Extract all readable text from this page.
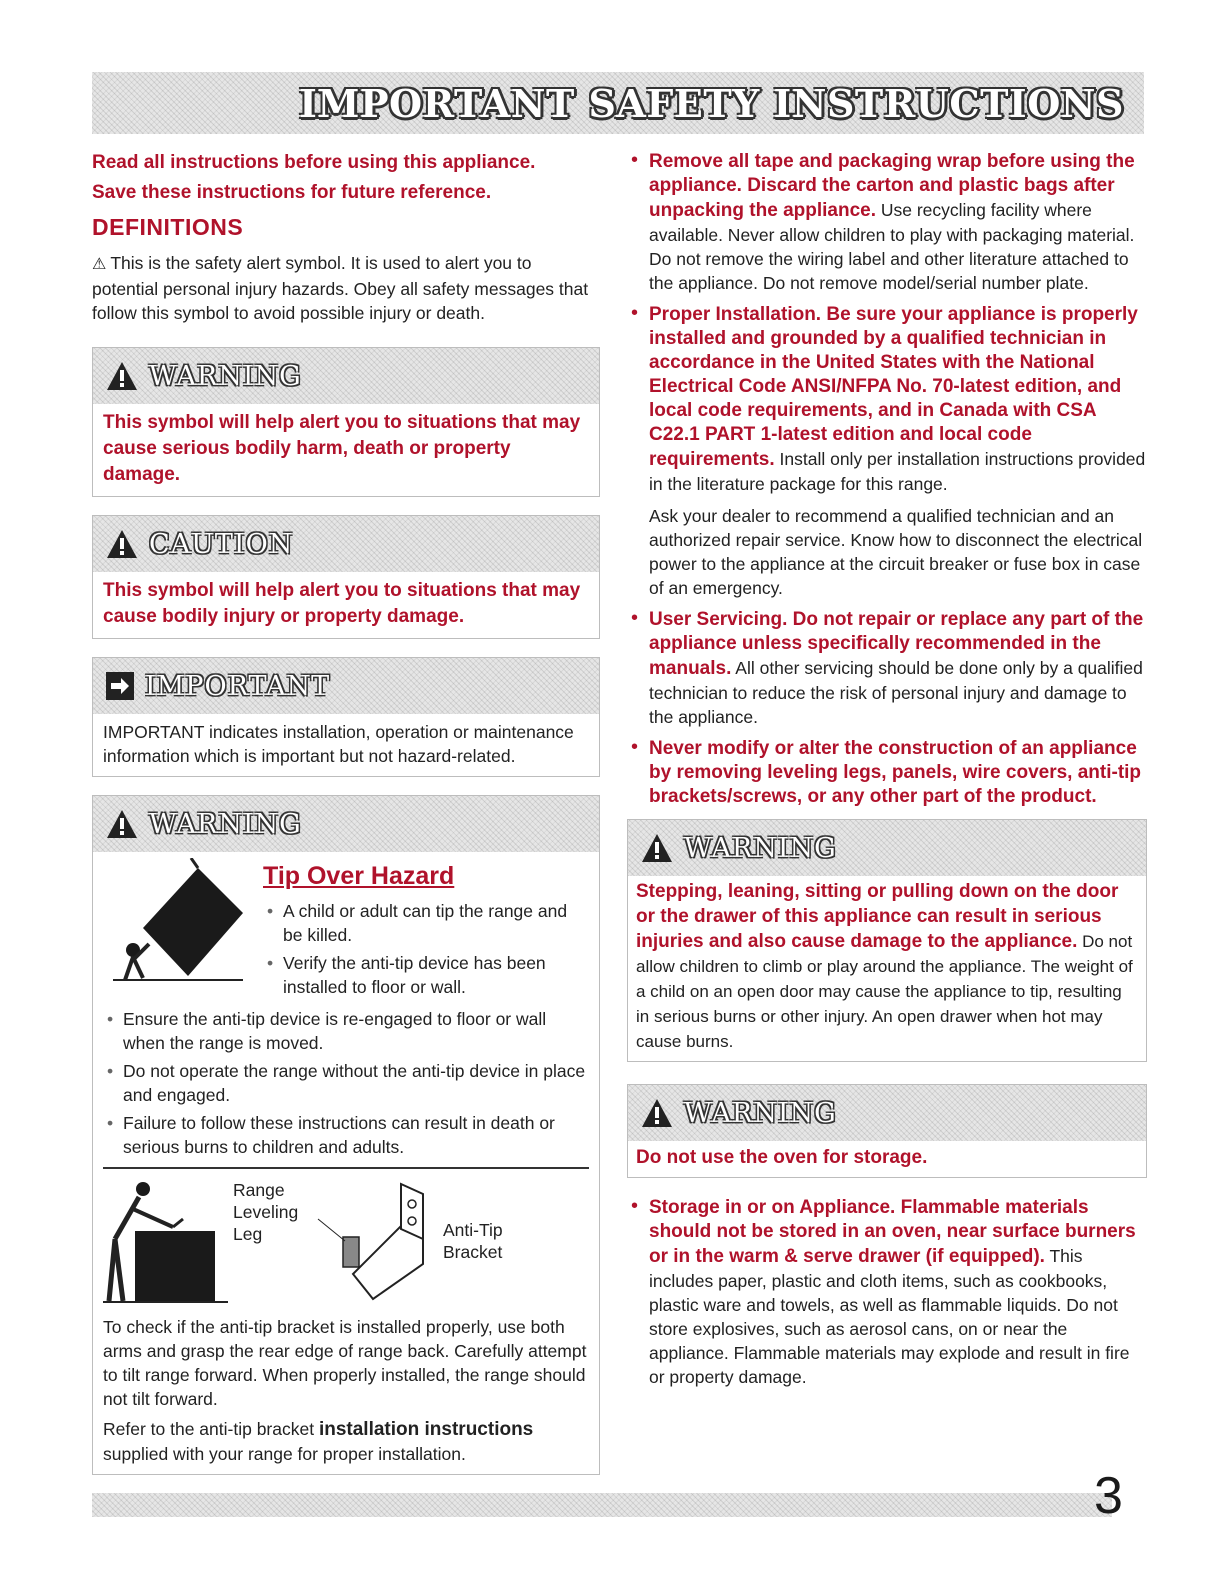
IMPORTANT SAFETY INSTRUCTIONS

Read all instructions before using this appliance.

Save these instructions for future reference.

DEFINITIONS

⚠ This is the safety alert symbol. It is used to alert you to potential personal injury hazards. Obey all safety messages that follow this symbol to avoid possible injury or death.

WARNING

This symbol will help alert you to situations that may cause serious bodily harm, death or property damage.

CAUTION

This symbol will help alert you to situations that may cause bodily injury or property damage.

IMPORTANT

IMPORTANT indicates installation, operation or maintenance information which is important but not hazard-related.

WARNING
Tip Over Hazard
• A child or adult can tip the range and be killed.
• Verify the anti-tip device has been installed to floor or wall.
• Ensure the anti-tip device is re-engaged to floor or wall when the range is moved.
• Do not operate the range without the anti-tip device in place and engaged.
• Failure to follow these instructions can result in death or serious burns to children and adults.
Range
Leveling
Leg	Anti-Tip
Bracket

To check if the anti-tip bracket is installed properly, use both arms and grasp the rear edge of range back. Carefully attempt to tilt range forward. When properly installed, the range should not tilt forward.

Refer to the anti-tip bracket installation instructions supplied with your range for proper installation.

• Remove all tape and packaging wrap before using the appliance. Discard the carton and plastic bags after unpacking the appliance. Use recycling facility where available. Never allow children to play with packaging material. Do not remove the wiring label and other literature attached to the appliance. Do not remove model/serial number plate.

• Proper Installation. Be sure your appliance is properly installed and grounded by a qualified technician in accordance in the United States with the National Electrical Code ANSI/NFPA No. 70-latest edition, and local code requirements, and in Canada with CSA C22.1 PART 1-latest edition and local code requirements. Install only per installation instructions provided in the literature package for this range.

Ask your dealer to recommend a qualified technician and an authorized repair service. Know how to disconnect the electrical power to the appliance at the circuit breaker or fuse box in case of an emergency.

• User Servicing. Do not repair or replace any part of the appliance unless specifically recommended in the manuals. All other servicing should be done only by a qualified technician to reduce the risk of personal injury and damage to the appliance.

• Never modify or alter the construction of an appliance by removing leveling legs, panels, wire covers, anti-tip brackets/screws, or any other part of the product.

WARNING

Stepping, leaning, sitting or pulling down on the door or the drawer of this appliance can result in serious injuries and also cause damage to the appliance. Do not allow children to climb or play around the appliance. The weight of a child on an open door may cause the appliance to tip, resulting in serious burns or other injury. An open drawer when hot may cause burns.

WARNING

Do not use the oven for storage.

• Storage in or on Appliance. Flammable materials should not be stored in an oven, near surface burners or in the warm & serve drawer (if equipped). This includes paper, plastic and cloth items, such as cookbooks, plastic ware and towels, as well as flammable liquids. Do not store explosives, such as aerosol cans, on or near the appliance. Flammable materials may explode and result in fire or property damage.

3
